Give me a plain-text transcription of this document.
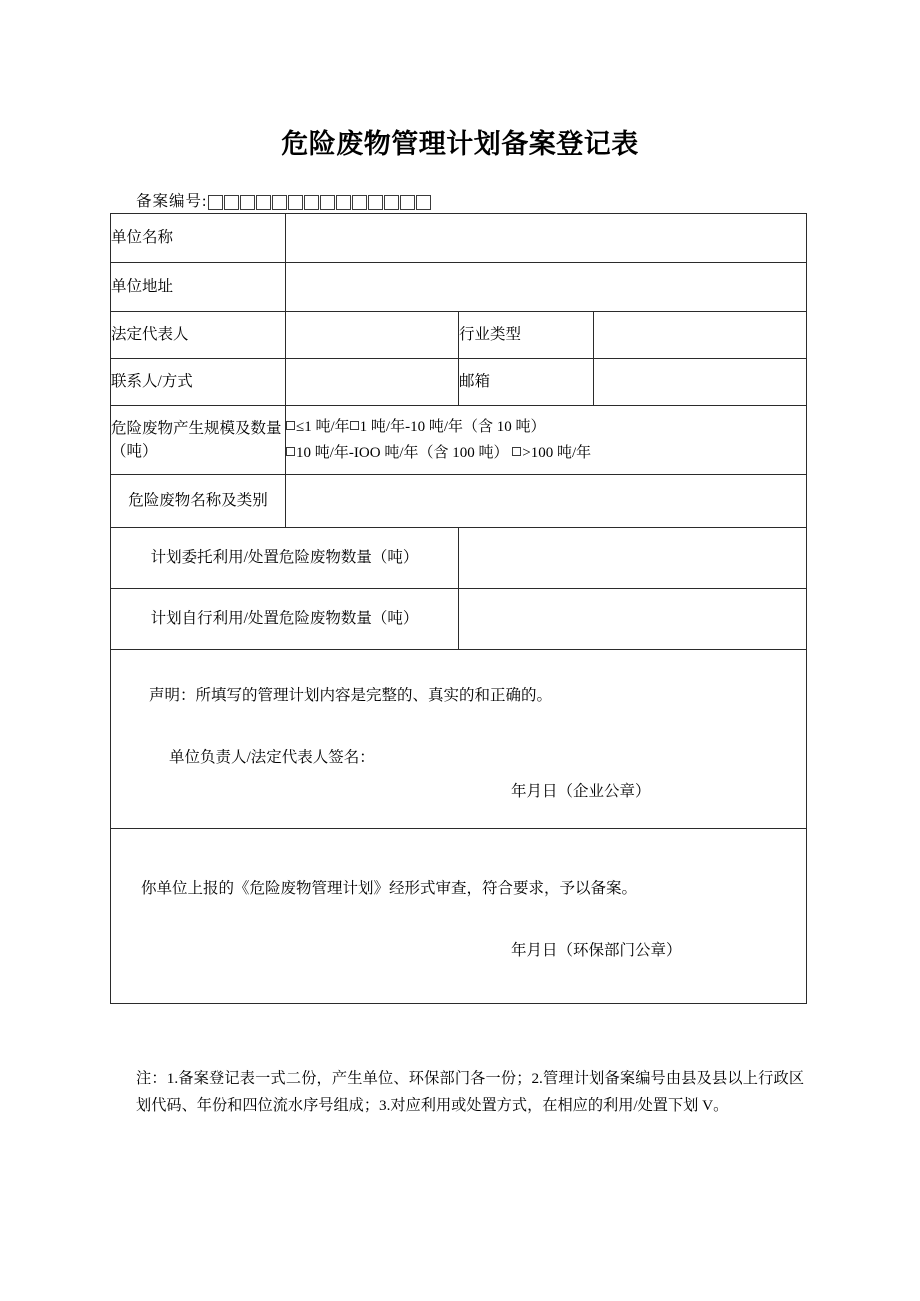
危险废物管理计划备案登记表
备案编号:
单位名称			
单位地址			
法定代表人		行业类型	
联系人/方式		邮箱	
危险废物产生规模及数量（吨）	≤1 吨/年 1 吨/年-10 吨/年（含 10 吨）
10 吨/年-IOO 吨/年（含 100 吨） >100 吨/年		

危险废物名称及类别			
计划委托利用/处置危险废物数量（吨）			
计划自行利用/处置危险废物数量（吨）			

声明：所填写的管理计划内容是完整的、真实的和正确的。
单位负责人/法定代表人签名：
年月日（企业公章）			

你单位上报的《危险废物管理计划》经形式审查，符合要求，予以备案。
年月日（环保部门公章）			
注：1.备案登记表一式二份，产生单位、环保部门各一份；2.管理计划备案编号由县及县以上行政区划代码、年份和四位流水序号组成；3.对应利用或处置方式，在相应的利用/处置下划 V。
